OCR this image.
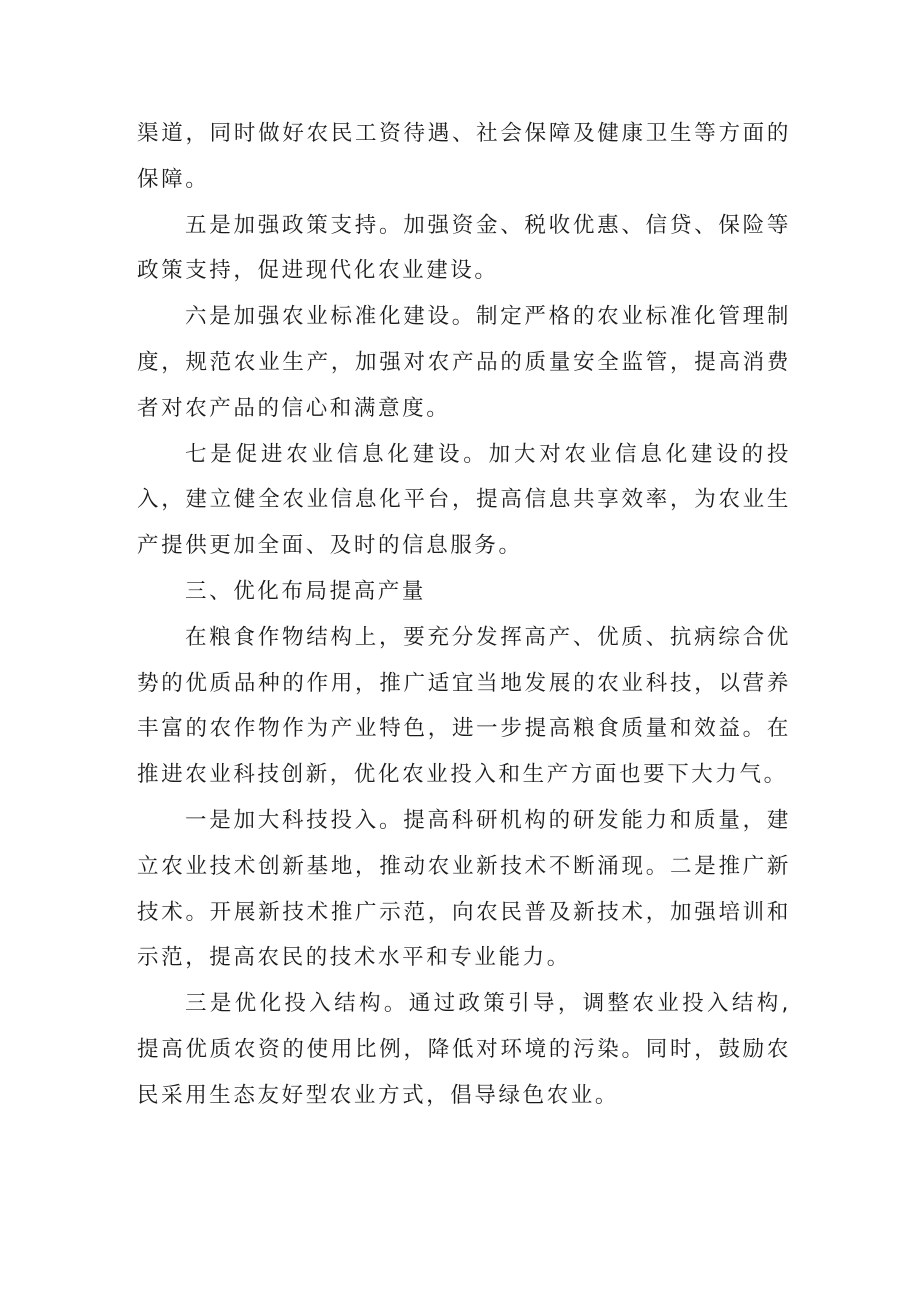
渠道，同时做好农民工资待遇、社会保障及健康卫生等方面的保障。

五是加强政策支持。加强资金、税收优惠、信贷、保险等政策支持，促进现代化农业建设。

六是加强农业标准化建设。制定严格的农业标准化管理制度，规范农业生产，加强对农产品的质量安全监管，提高消费者对农产品的信心和满意度。

七是促进农业信息化建设。加大对农业信息化建设的投入，建立健全农业信息化平台，提高信息共享效率，为农业生产提供更加全面、及时的信息服务。

三、优化布局提高产量

在粮食作物结构上，要充分发挥高产、优质、抗病综合优势的优质品种的作用，推广适宜当地发展的农业科技，以营养丰富的农作物作为产业特色，进一步提高粮食质量和效益。在推进农业科技创新，优化农业投入和生产方面也要下大力气。

一是加大科技投入。提高科研机构的研发能力和质量，建立农业技术创新基地，推动农业新技术不断涌现。二是推广新技术。开展新技术推广示范，向农民普及新技术，加强培训和示范，提高农民的技术水平和专业能力。

三是优化投入结构。通过政策引导，调整农业投入结构,提高优质农资的使用比例，降低对环境的污染。同时，鼓励农民采用生态友好型农业方式，倡导绿色农业。
